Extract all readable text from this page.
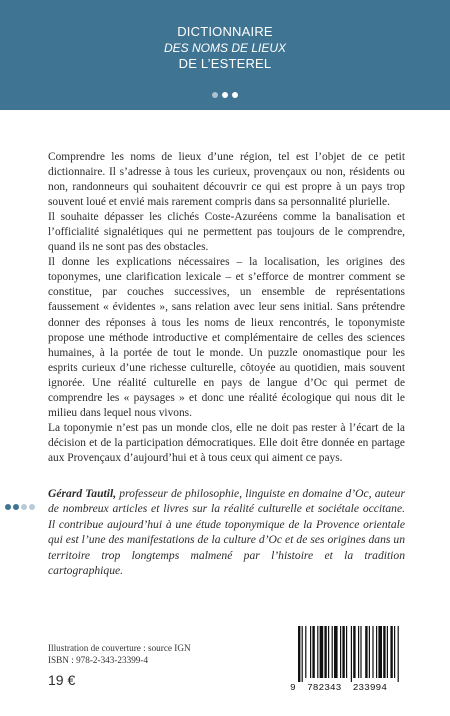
DICTIONNAIRE
DES NOMS DE LIEUX
DE L’ESTEREL

Comprendre les noms de lieux d’une région, tel est l’objet de ce petit dictionnaire. Il s’adresse à tous les curieux, provençaux ou non, résidents ou non, randonneurs qui souhaitent découvrir ce qui est propre à un pays trop souvent loué et envié mais rarement compris dans sa personnalité plurielle.

Il souhaite dépasser les clichés Coste-Azuréens comme la banalisation et l’officialité signalétiques qui ne permettent pas toujours de le comprendre, quand ils ne sont pas des obstacles.

Il donne les explications nécessaires – la localisation, les origines des toponymes, une clarification lexicale – et s’efforce de montrer comment se constitue, par couches successives, un ensemble de représentations faussement « évidentes », sans relation avec leur sens initial. Sans prétendre donner des réponses à tous les noms de lieux rencontrés, le toponymiste propose une méthode introductive et complémentaire de celles des sciences humaines, à la portée de tout le monde. Un puzzle onomastique pour les esprits curieux d’une richesse culturelle, côtoyée au quotidien, mais souvent ignorée. Une réalité culturelle en pays de langue d’Oc qui permet de comprendre les « paysages » et donc une réalité écologique qui nous dit le milieu dans lequel nous vivons.

La toponymie n’est pas un monde clos, elle ne doit pas rester à l’écart de la décision et de la participation démocratiques. Elle doit être donnée en partage aux Provençaux d’aujourd’hui et à tous ceux qui aiment ce pays.

Gérard Tautil, professeur de philosophie, linguiste en domaine d’Oc, auteur de nombreux articles et livres sur la réalité culturelle et sociétale occitane. Il contribue aujourd’hui à une étude toponymique de la Provence orientale qui est l’une des manifestations de la culture d’Oc et de ses origines dans un territoire trop longtemps malmené par l’histoire et la tradition cartographique.
Illustration de couverture : source IGN
ISBN : 978-2-343-23399-4
19 €	9  782343  233994
